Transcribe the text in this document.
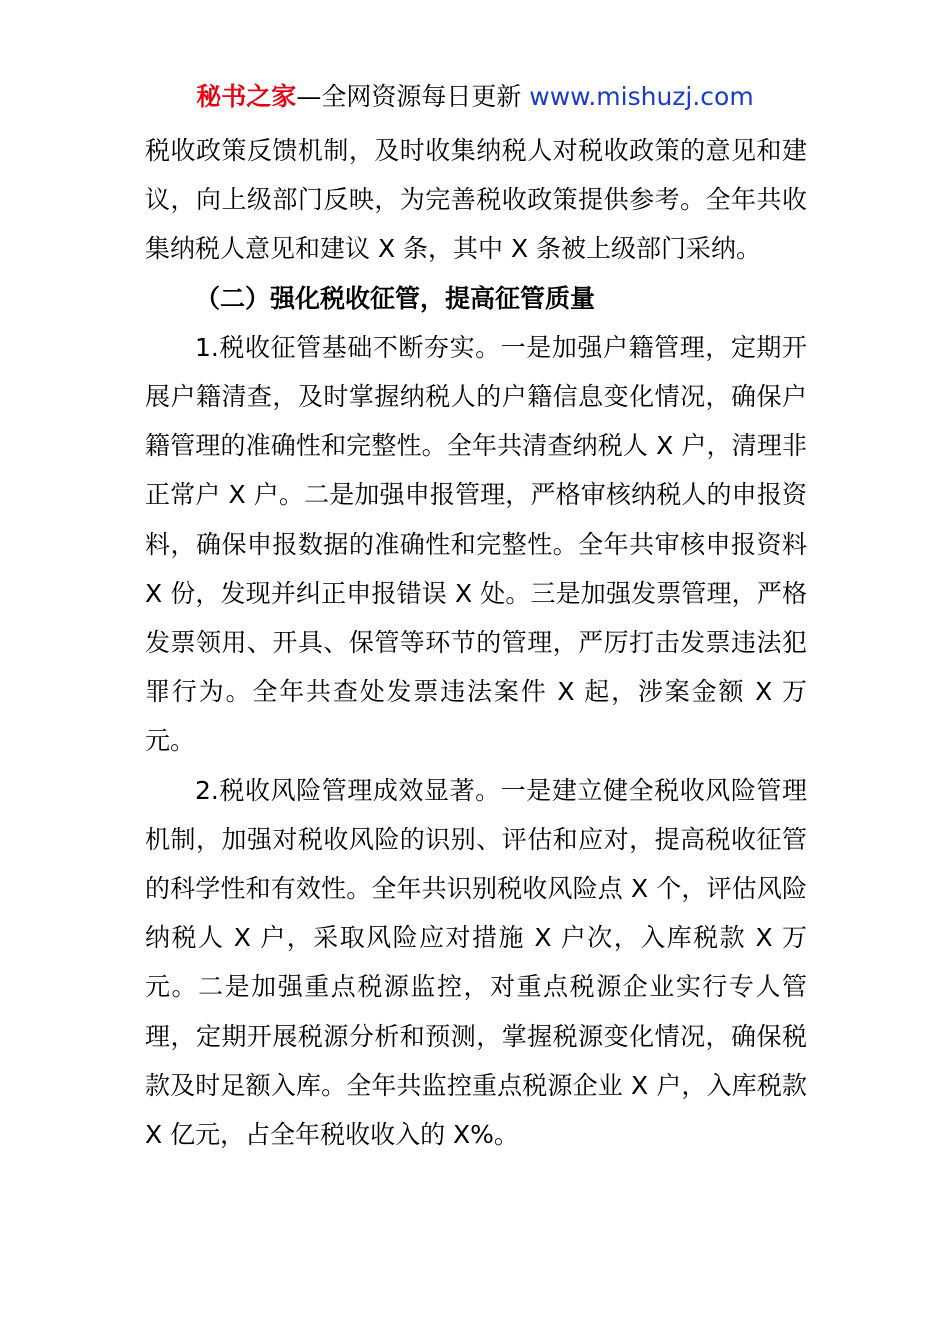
秘书之家—全网资源每日更新 www.mishuzj.com

税收政策反馈机制，及时收集纳税人对税收政策的意见和建议，向上级部门反映，为完善税收政策提供参考。全年共收集纳税人意见和建议 X 条，其中 X 条被上级部门采纳。

（二）强化税收征管，提高征管质量

1.税收征管基础不断夯实。一是加强户籍管理，定期开展户籍清查，及时掌握纳税人的户籍信息变化情况，确保户籍管理的准确性和完整性。全年共清查纳税人 X 户，清理非正常户 X 户。二是加强申报管理，严格审核纳税人的申报资料，确保申报数据的准确性和完整性。全年共审核申报资料 X 份，发现并纠正申报错误 X 处。三是加强发票管理，严格发票领用、开具、保管等环节的管理，严厉打击发票违法犯罪行为。全年共查处发票违法案件 X 起，涉案金额 X 万元。

2.税收风险管理成效显著。一是建立健全税收风险管理机制，加强对税收风险的识别、评估和应对，提高税收征管的科学性和有效性。全年共识别税收风险点 X 个，评估风险纳税人 X 户，采取风险应对措施 X 户次，入库税款 X 万元。二是加强重点税源监控，对重点税源企业实行专人管理，定期开展税源分析和预测，掌握税源变化情况，确保税款及时足额入库。全年共监控重点税源企业 X 户，入库税款 X 亿元，占全年税收收入的 X%。
